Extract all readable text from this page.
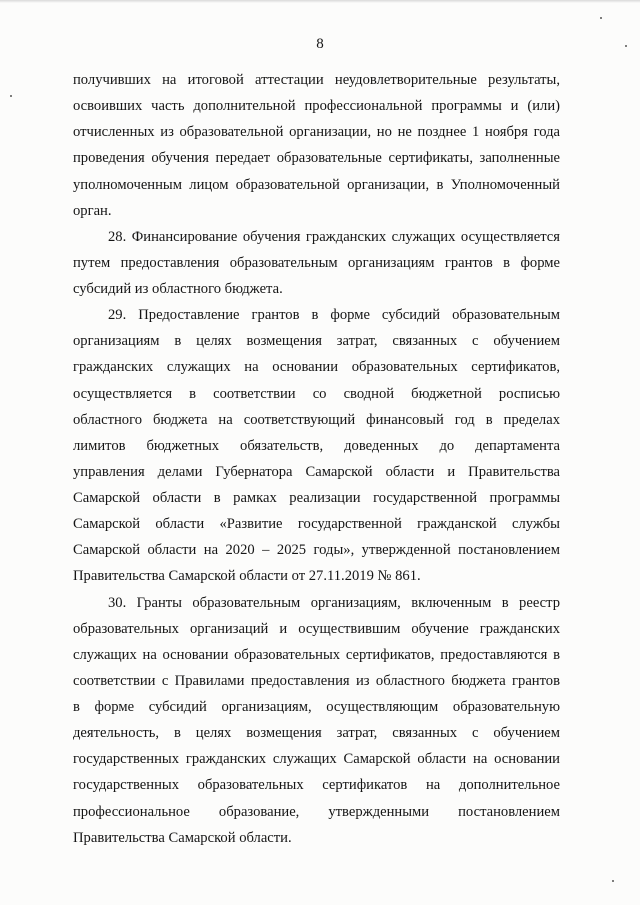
8
получивших на итоговой аттестации неудовлетворительные результаты,
освоивших часть дополнительной профессиональной программы и (или)
отчисленных из образовательной организации, но не позднее 1 ноября года
проведения обучения передает образовательные сертификаты, заполненные
уполномоченным лицом образовательной организации, в Уполномоченный
орган.
28. Финансирование обучения гражданских служащих осуществляется
путем предоставления образовательным организациям грантов в форме
субсидий из областного бюджета.
29. Предоставление грантов в форме субсидий образовательным
организациям в целях возмещения затрат, связанных с обучением
гражданских служащих на основании образовательных сертификатов,
осуществляется в соответствии со сводной бюджетной росписью
областного бюджета на соответствующий финансовый год в пределах
лимитов бюджетных обязательств, доведенных до департамента
управления делами Губернатора Самарской области и Правительства
Самарской области в рамках реализации государственной программы
Самарской области «Развитие государственной гражданской службы
Самарской области на 2020 – 2025 годы», утвержденной постановлением
Правительства Самарской области от 27.11.2019 № 861.
30. Гранты образовательным организациям, включенным в реестр
образовательных организаций и осуществившим обучение гражданских
служащих на основании образовательных сертификатов, предоставляются в
соответствии с Правилами предоставления из областного бюджета грантов
в форме субсидий организациям, осуществляющим образовательную
деятельность, в целях возмещения затрат, связанных с обучением
государственных гражданских служащих Самарской области на основании
государственных образовательных сертификатов на дополнительное
профессиональное образование, утвержденными постановлением
Правительства Самарской области.
